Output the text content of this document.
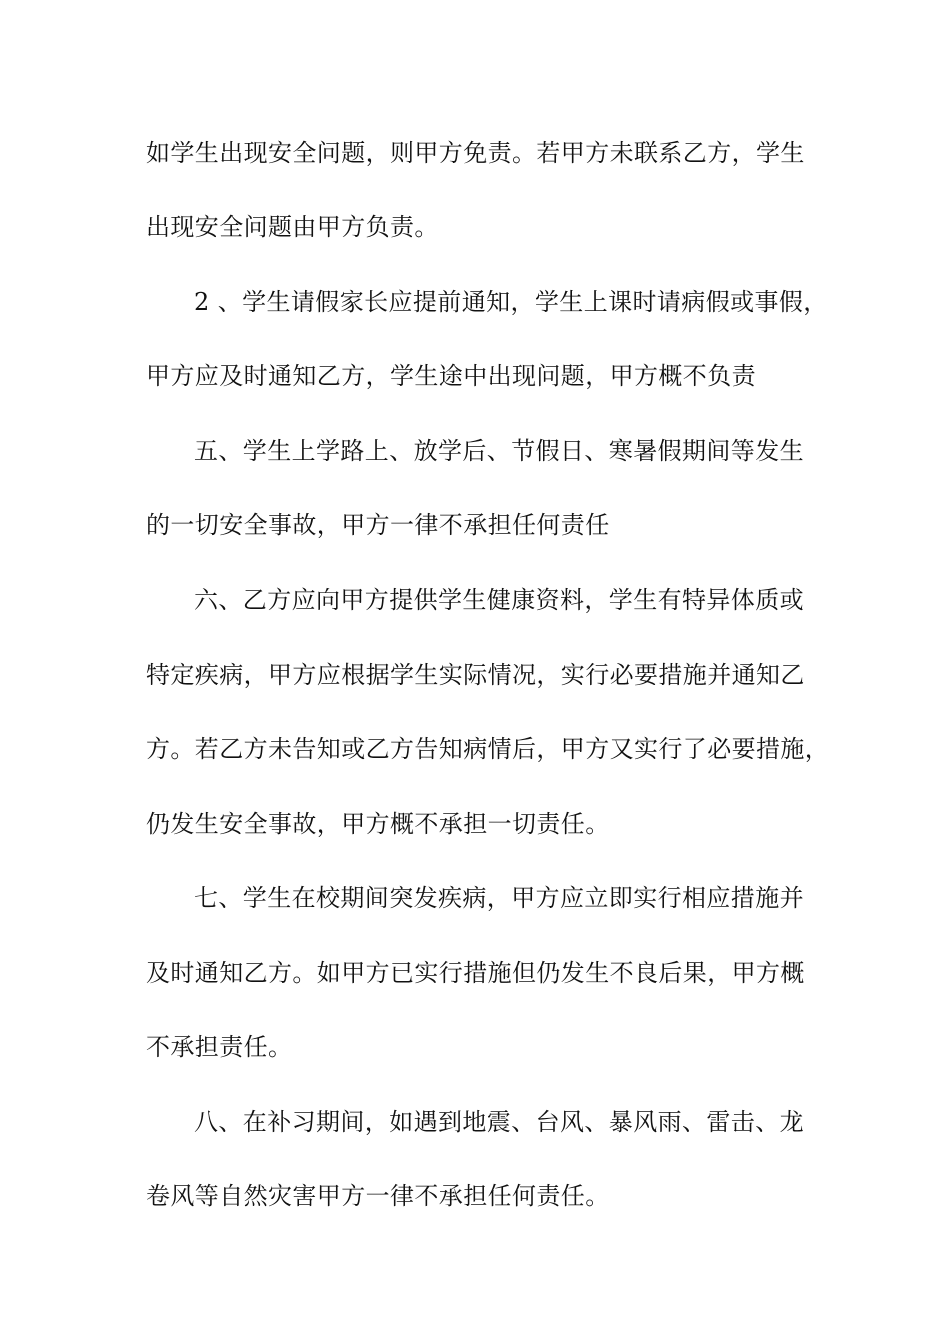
如学生出现安全问题，则甲方免责。若甲方未联系乙方，学生
出现安全问题由甲方负责。
2 、学生请假家长应提前通知，学生上课时请病假或事假，
甲方应及时通知乙方，学生途中出现问题，甲方概不负责
五、学生上学路上、放学后、节假日、寒暑假期间等发生
的一切安全事故，甲方一律不承担任何责任
六、乙方应向甲方提供学生健康资料，学生有特异体质或
特定疾病，甲方应根据学生实际情况，实行必要措施并通知乙
方。若乙方未告知或乙方告知病情后，甲方又实行了必要措施，
仍发生安全事故，甲方概不承担一切责任。
七、学生在校期间突发疾病，甲方应立即实行相应措施并
及时通知乙方。如甲方已实行措施但仍发生不良后果，甲方概
不承担责任。
八、在补习期间，如遇到地震、台风、暴风雨、雷击、龙
卷风等自然灾害甲方一律不承担任何责任。
